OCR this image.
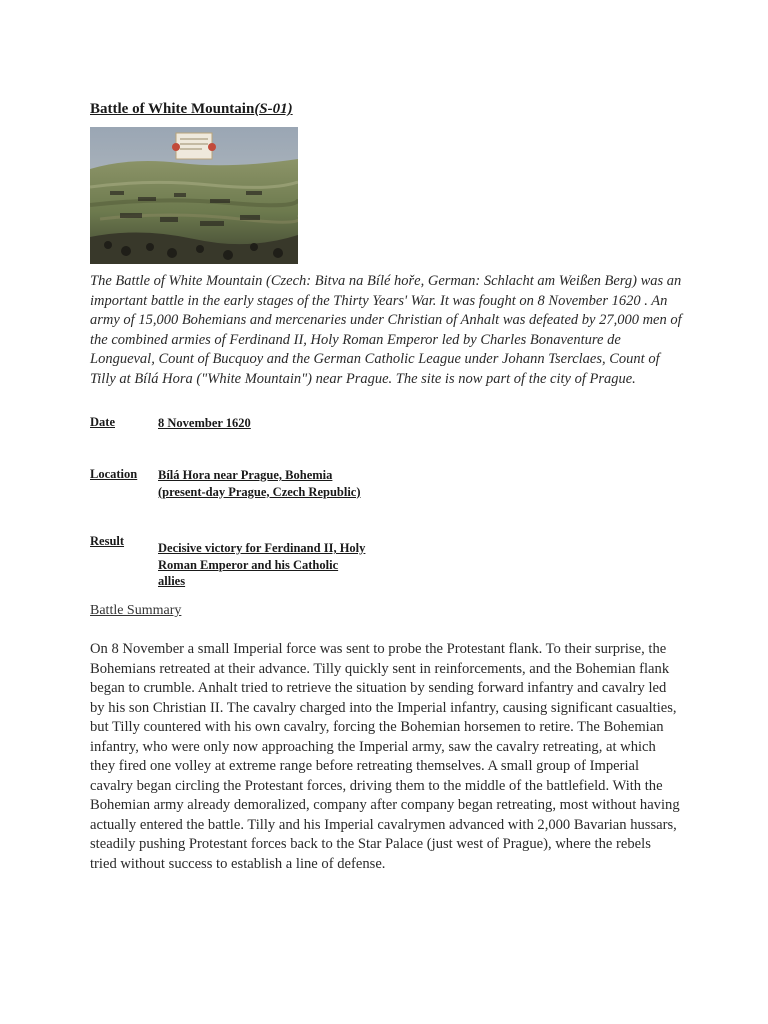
Battle of White Mountain(S-01)

The Battle of White Mountain (Czech: Bitva na Bílé hoře, German: Schlacht am Weißen Berg) was an important battle in the early stages of the Thirty Years' War. It was fought on 8 November 1620 . An army of 15,000 Bohemians and mercenaries under Christian of Anhalt was defeated by 27,000 men of the combined armies of Ferdinand II, Holy Roman Emperor led by Charles Bonaventure de Longueval, Count of Bucquoy and the German Catholic League under Johann Tserclaes, Count of Tilly at Bílá Hora ("White Mountain") near Prague. The site is now part of the city of Prague.

Date	8 November 1620
Location Bílá Hora near Prague, Bohemia (present-day Prague, Czech Republic)
Result	Decisive victory for Ferdinand II, Holy Roman Emperor and his Catholic allies
Battle Summary

On 8 November a small Imperial force was sent to probe the Protestant flank. To their surprise, the Bohemians retreated at their advance. Tilly quickly sent in reinforcements, and the Bohemian flank began to crumble. Anhalt tried to retrieve the situation by sending forward infantry and cavalry led by his son Christian II. The cavalry charged into the Imperial infantry, causing significant casualties, but Tilly countered with his own cavalry, forcing the Bohemian horsemen to retire. The Bohemian infantry, who were only now approaching the Imperial army, saw the cavalry retreating, at which they fired one volley at extreme range before retreating themselves. A small group of Imperial cavalry began circling the Protestant forces, driving them to the middle of the battlefield. With the Bohemian army already demoralized, company after company began retreating, most without having actually entered the battle. Tilly and his Imperial cavalrymen advanced with 2,000 Bavarian hussars, steadily pushing Protestant forces back to the Star Palace (just west of Prague), where the rebels tried without success to establish a line of defense.
